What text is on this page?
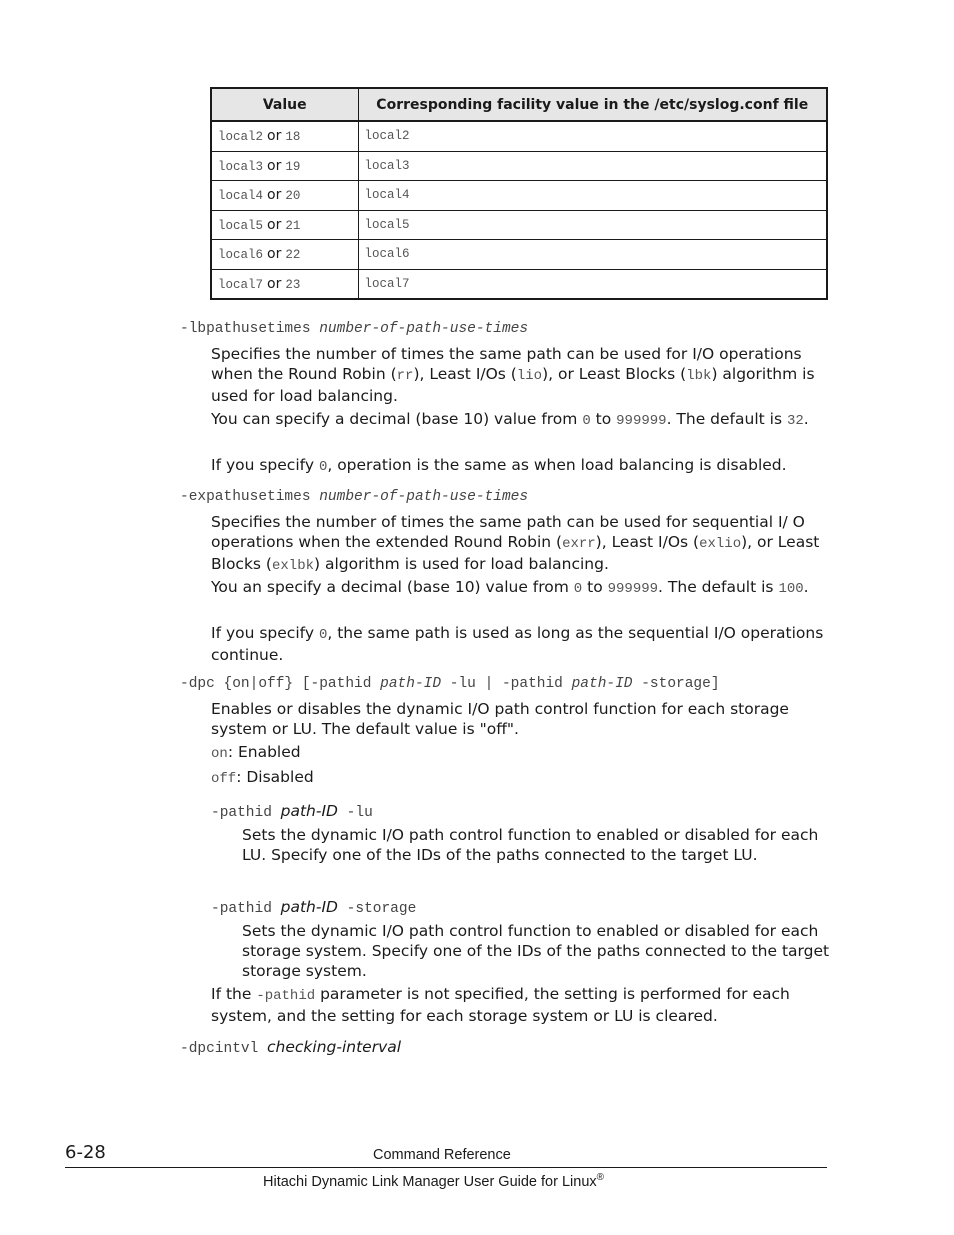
Value	Corresponding facility value in the /etc/syslog.conf file
local2 or 18	local2
local3 or 19	local3
local4 or 20	local4
local5 or 21	local5
local6 or 22	local6
local7 or 23	local7
-lbpathusetimes number-of-path-use-times
Specifies the number of times the same path can be used for I/O operations when the Round Robin (rr), Least I/Os (lio), or Least Blocks (lbk) algorithm is used for load balancing.
You can specify a decimal (base 10) value from 0 to 999999. The default is 32.
If you specify 0, operation is the same as when load balancing is disabled.
-expathusetimes number-of-path-use-times
Specifies the number of times the same path can be used for sequential I/ O operations when the extended Round Robin (exrr), Least I/Os (exlio), or Least Blocks (exlbk) algorithm is used for load balancing.
You an specify a decimal (base 10) value from 0 to 999999. The default is 100.
If you specify 0, the same path is used as long as the sequential I/O operations continue.
-dpc {on|off} [-pathid path-ID -lu | -pathid path-ID -storage]
Enables or disables the dynamic I/O path control function for each storage system or LU. The default value is "off".
on: Enabled
off: Disabled
-pathid path-ID -lu
Sets the dynamic I/O path control function to enabled or disabled for each LU. Specify one of the IDs of the paths connected to the target LU.
-pathid path-ID -storage
Sets the dynamic I/O path control function to enabled or disabled for each storage system. Specify one of the IDs of the paths connected to the target storage system.
If the -pathid parameter is not specified, the setting is performed for each system, and the setting for each storage system or LU is cleared.
-dpcintvl checking-interval
6-28	Command Reference
Hitachi Dynamic Link Manager User Guide for Linux®
